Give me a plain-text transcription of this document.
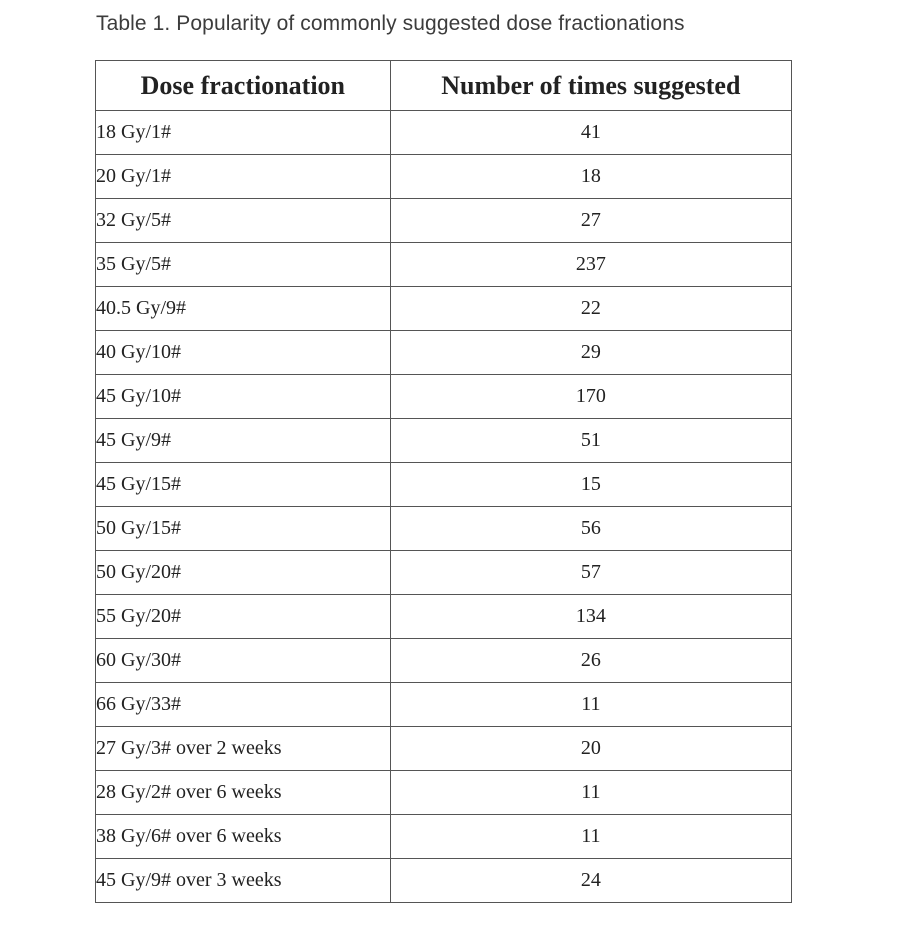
Table 1. Popularity of commonly suggested dose fractionations
Dose fractionation	Number of times suggested
18 Gy/1#	41
20 Gy/1#	18
32 Gy/5#	27
35 Gy/5#	237
40.5 Gy/9#	22
40 Gy/10#	29
45 Gy/10#	170
45 Gy/9#	51
45 Gy/15#	15
50 Gy/15#	56
50 Gy/20#	57
55 Gy/20#	134
60 Gy/30#	26
66 Gy/33#	11
27 Gy/3# over 2 weeks	20
28 Gy/2# over 6 weeks	11
38 Gy/6# over 6 weeks	11
45 Gy/9# over 3 weeks	24
